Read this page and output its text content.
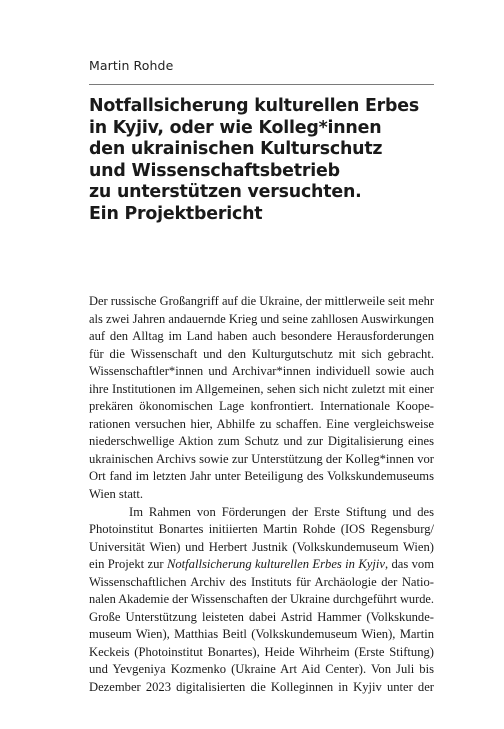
Martin Rohde
Notfallsicherung kulturellen Erbes
in Kyjiv, oder wie Kolleg*innen
den ukrainischen Kulturschutz
und Wissenschaftsbetrieb
zu unterstützen versuchten.
Ein Projektbericht

Der russische Großangriff auf die Ukraine, der mittlerweile seit mehr
als zwei Jahren andauernde Krieg und seine zahllosen Auswirkungen
auf den Alltag im Land haben auch besondere Herausforderungen
für die Wissenschaft und den Kulturgutschutz mit sich gebracht.
Wissenschaftler*innen und Archivar*innen individuell sowie auch
ihre Institutionen im Allgemeinen, sehen sich nicht zuletzt mit einer
prekären ökonomischen Lage konfrontiert. Internationale Koope-
rationen versuchen hier, Abhilfe zu schaffen. Eine vergleichsweise
niederschwellige Aktion zum Schutz und zur Digitalisierung eines
ukrainischen Archivs sowie zur Unterstützung der Kolleg*innen vor
Ort fand im letzten Jahr unter Beteiligung des Volkskundemuseums
Wien statt.

Im Rahmen von Förderungen der Erste Stiftung und des
Photoinstitut Bonartes initiierten Martin Rohde (IOS Regensburg/
Universität Wien) und Herbert Justnik (Volkskundemuseum Wien)
ein Projekt zur Notfallsicherung kulturellen Erbes in Kyjiv, das vom
Wissenschaftlichen Archiv des Instituts für Archäologie der Natio-
nalen Akademie der Wissenschaften der Ukraine durchgeführt wurde.
Große Unterstützung leisteten dabei Astrid Hammer (Volkskunde-
museum Wien), Matthias Beitl (Volkskundemuseum Wien), Martin
Keckeis (Photoinstitut Bonartes), Heide Wihrheim (Erste Stiftung)
und Yevgeniya Kozmenko (Ukraine Art Aid Center). Von Juli bis
Dezember 2023 digitalisierten die Kolleginnen in Kyjiv unter der
